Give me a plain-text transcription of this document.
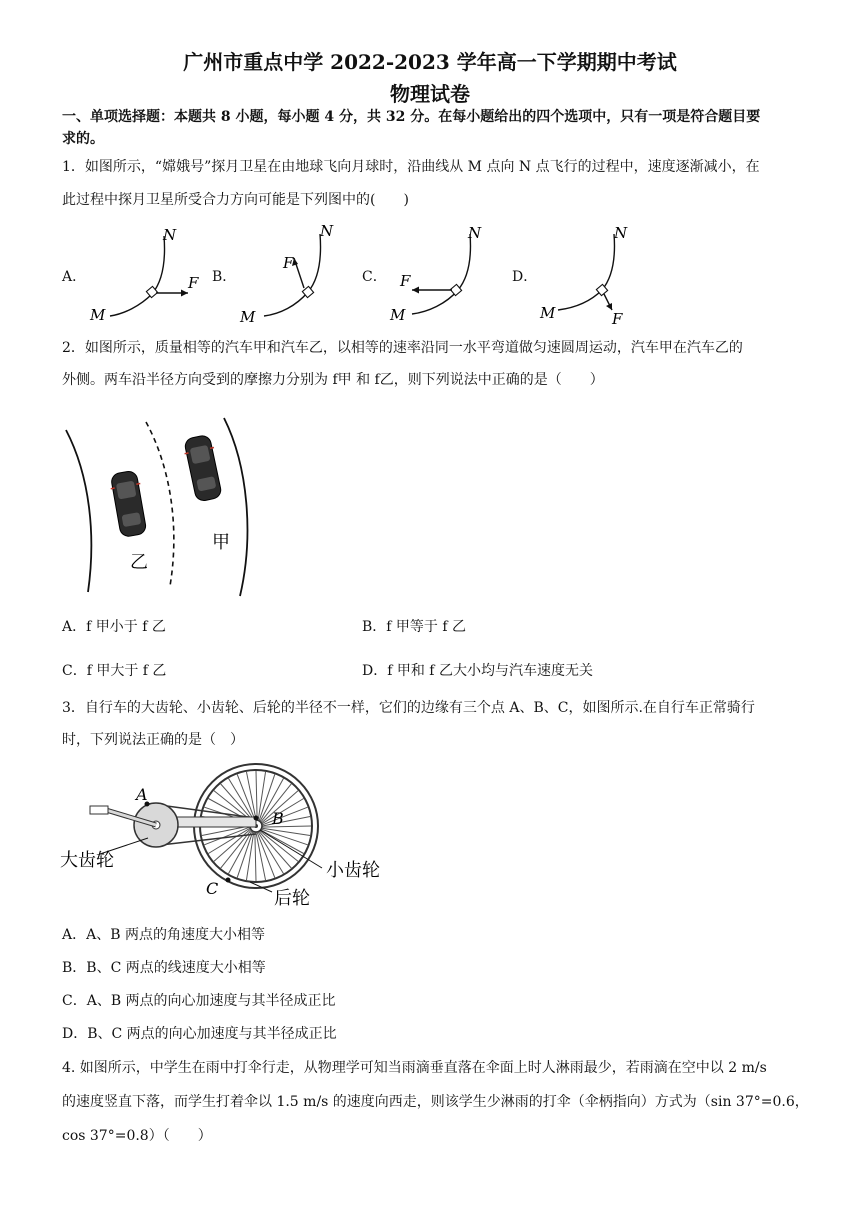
广州市重点中学 2022-2023 学年高一下学期期中考试
物理试卷
一、单项选择题：本题共 8 小题，每小题 4 分，共 32 分。在每小题给出的四个选项中，只有一项是符合题目要
求的。
1．如图所示，“嫦娥号”探月卫星在由地球飞向月球时，沿曲线从 M 点向 N 点飞行的过程中，速度逐渐减小，在
此过程中探月卫星所受合力方向可能是下列图中的(　　)
A．
N
F
M
B．
N
F
M
C．
N
F
M
D．
N
F
M
2．如图所示，质量相等的汽车甲和汽车乙，以相等的速率沿同一水平弯道做匀速圆周运动，汽车甲在汽车乙的
外侧。两车沿半径方向受到的摩擦力分别为 f甲 和 f乙，则下列说法中正确的是（　　）
乙
甲
A．f 甲小于 f 乙	B．f 甲等于 f 乙
C．f 甲大于 f 乙	D．f 甲和 f 乙大小均与汽车速度无关
3．自行车的大齿轮、小齿轮、后轮的半径不一样，它们的边缘有三个点 A、B、C，如图所示.在自行车正常骑行
时，下列说法正确的是（　）
A
B
C
大齿轮	小齿轮
后轮
A．A、B 两点的角速度大小相等
B．B、C 两点的线速度大小相等
C．A、B 两点的向心加速度与其半径成正比
D．B、C 两点的向心加速度与其半径成正比
4. 如图所示，中学生在雨中打伞行走，从物理学可知当雨滴垂直落在伞面上时人淋雨最少，若雨滴在空中以 2 m/s
的速度竖直下落，而学生打着伞以 1.5 m/s 的速度向西走，则该学生少淋雨的打伞（伞柄指向）方式为（sin 37°=0.6，
cos 37°=0.8）（　　）
